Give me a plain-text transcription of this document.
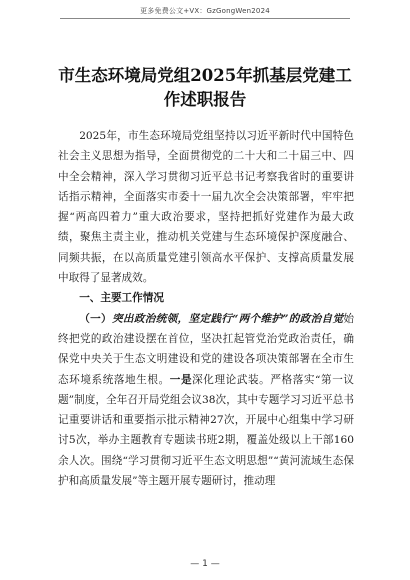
更多免费公文+VX：GzGongWen2024
市生态环境局党组2025年抓基层党建工
作述职报告

2025年，市生态环境局党组坚持以习近平新时代中国特色社会主义思想为指导，全面贯彻党的二十大和二十届三中、四中全会精神，深入学习贯彻习近平总书记考察我省时的重要讲话指示精神，全面落实市委十一届九次全会决策部署，牢牢把握“两高四着力”重大政治要求，坚持把抓好党建作为最大政绩，聚焦主责主业，推动机关党建与生态环境保护深度融合、同频共振，在以高质量党建引领高水平保护、支撑高质量发展中取得了显著成效。

一、主要工作情况

（一）突出政治统领，坚定践行“两个维护”的政治自觉始终把党的政治建设摆在首位，坚决扛起管党治党政治责任，确保党中央关于生态文明建设和党的建设各项决策部署在全市生态环境系统落地生根。一是深化理论武装。严格落实“第一议题”制度，全年召开局党组会议38次，其中专题学习习近平总书记重要讲话和重要指示批示精神27次，开展中心组集中学习研讨5次，举办主题教育专题读书班2期，覆盖处级以上干部160余人次。围绕“学习贯彻习近平生态文明思想”“黄河流域生态保护和高质量发展”等主题开展专题研讨，推动理

— 1 —
